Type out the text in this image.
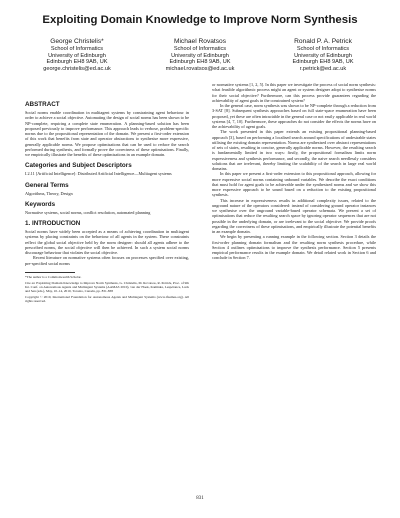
Exploiting Domain Knowledge to Improve Norm Synthesis
George Christelis*
School of Informatics
University of Edinburgh
Edinburgh EH8 9AB, UK
george.christelis@ed.ac.uk
Michael Rovatsos
School of Informatics
University of Edinburgh
Edinburgh EH8 9AB, UK
michael.rovatsos@ed.ac.uk
Ronald P. A. Petrick
School of Informatics
University of Edinburgh
Edinburgh EH8 9AB, UK
r.petrick@ed.ac.uk
ABSTRACT

Social norms enable coordination in multiagent systems by constraining agent behaviour in order to achieve a social objective. Automating the design of social norms has been shown to be NP-complete, requiring a complete state enumeration. A planning-based solution has been proposed previously to improve performance. This approach leads to verbose, problem-specific norms due to the propositional representation of the domain. We present a first-order extension of this work that benefits from state and operator abstractions to synthesise more expressive, generally applicable norms. We propose optimisations that can be used to reduce the search performed during synthesis, and formally prove the correctness of these optimisations. Finally, we empirically illustrate the benefits of these optimisations in an example domain.

Categories and Subject Descriptors

I.2.11 [Artificial Intelligence]: Distributed Artificial Intelligence—Multiagent systems

General Terms

Algorithms, Theory, Design

Keywords

Normative systems, social norms, conflict resolution, automated planning

1. INTRODUCTION

Social norms have widely been accepted as a means of achieving coordination in multiagent systems by placing constraints on the behaviour of all agents in the system. These constraints reflect the global social objective held by the norm designer: should all agents adhere to the prescribed norms, the social objective will then be achieved. In such a system social norms discourage behaviour that violates the social objective.

Recent literature on normative systems often focuses on processes specified over existing, pre-specified social norms

*The author is a Commonwealth Scholar.

Cite as: Exploiting Domain Knowledge to Improve Norm Synthesis, G. Christelis, M. Rovatsos, R. Petrick, Proc. of 9th Int. Conf. on Autonomous Agents and Multiagent Systems (AAMAS 2010), van der Hoek, Kaminka, Lespérance, Luck and Sen (eds.), May, 10–14, 2010, Toronto, Canada, pp. 831-838

Copyright © 2010, International Foundation for Autonomous Agents and Multiagent Systems (www.ifaamas.org). All rights reserved.

or normative systems [1, 2, 5]. In this paper we investigate the process of social norm synthesis: what feasible algorithmic process might an agent or system designer adopt to synthesise norms for their social objective? Furthermore, can this process provide guarantees regarding the achievability of agent goals in the constrained system?

In the general case, norm synthesis was shown to be NP-complete through a reduction from 3-SAT [8]. Subsequent synthesis approaches based on full state-space enumeration have been proposed, yet these are often intractable in the general case or not easily applicable in real world systems [4, 7, 10]. Furthermore, these approaches do not consider the effects the norms have on the achievability of agent goals.

The work presented in this paper extends an existing propositional planning-based approach [3], based on performing a localised search around specifications of undesirable states utilising the existing domain representation. Norms are synthesised over abstract representations of sets of states, resulting in concise, generally applicable norms. However, the resulting search is fundamentally limited in two ways: firstly, the propositional formalism limits norm expressiveness and synthesis performance, and secondly, the naive search needlessly considers solutions that are irrelevant, thereby limiting the scalability of the search in large real world domains.

In this paper we present a first-order extension to this propositional approach, allowing for more expressive social norms containing unbound variables. We describe the exact conditions that must hold for agent goals to be achievable under the synthesised norms and we show this more expressive approach to be sound based on a reduction to the existing propositional synthesis.

This increase in expressiveness results in additional complexity issues, related to the unground nature of the operators considered: instead of considering ground operator instances we synthesise over the unground variable-based operator schemata. We present a set of optimisations that reduce the resulting search space by ignoring operator sequences that are not possible in the underlying domain, or are irrelevant to the social objective. We provide proofs regarding the correctness of these optimisations, and empirically illustrate the potential benefits in an example domain.

We begin by presenting a running example in the following section. Section 3 details the first-order planning domain formalism and the resulting norm synthesis procedure, while Section 4 outlines optimisations to improve the synthesis performance. Section 5 presents empirical performance results in the example domain. We detail related work in Section 6 and conclude in Section 7.

831
